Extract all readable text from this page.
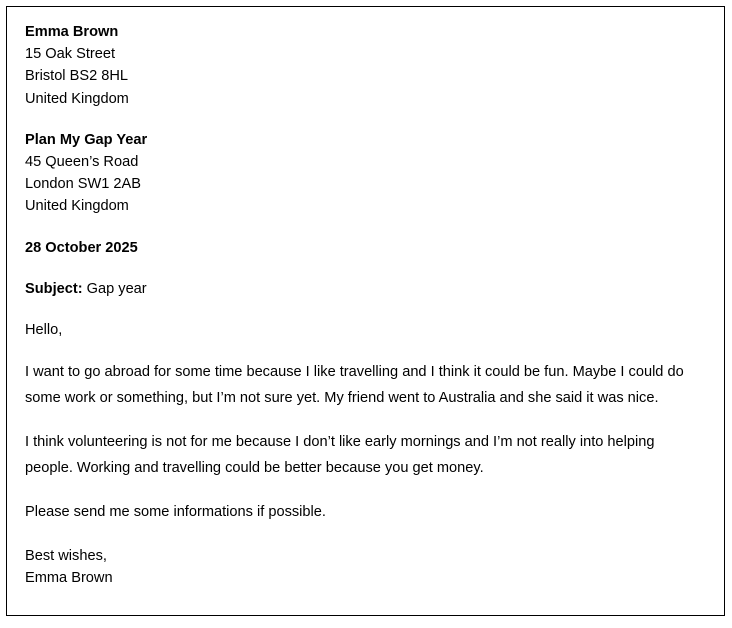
Emma Brown
15 Oak Street
Bristol BS2 8HL
United Kingdom
Plan My Gap Year
45 Queen’s Road
London SW1 2AB
United Kingdom
28 October 2025
Subject: Gap year
Hello,
I want to go abroad for some time because I like travelling and I think it could be fun. Maybe I could do some work or something, but I’m not sure yet. My friend went to Australia and she said it was nice.
I think volunteering is not for me because I don’t like early mornings and I’m not really into helping people. Working and travelling could be better because you get money.
Please send me some informations if possible.
Best wishes,
Emma Brown
